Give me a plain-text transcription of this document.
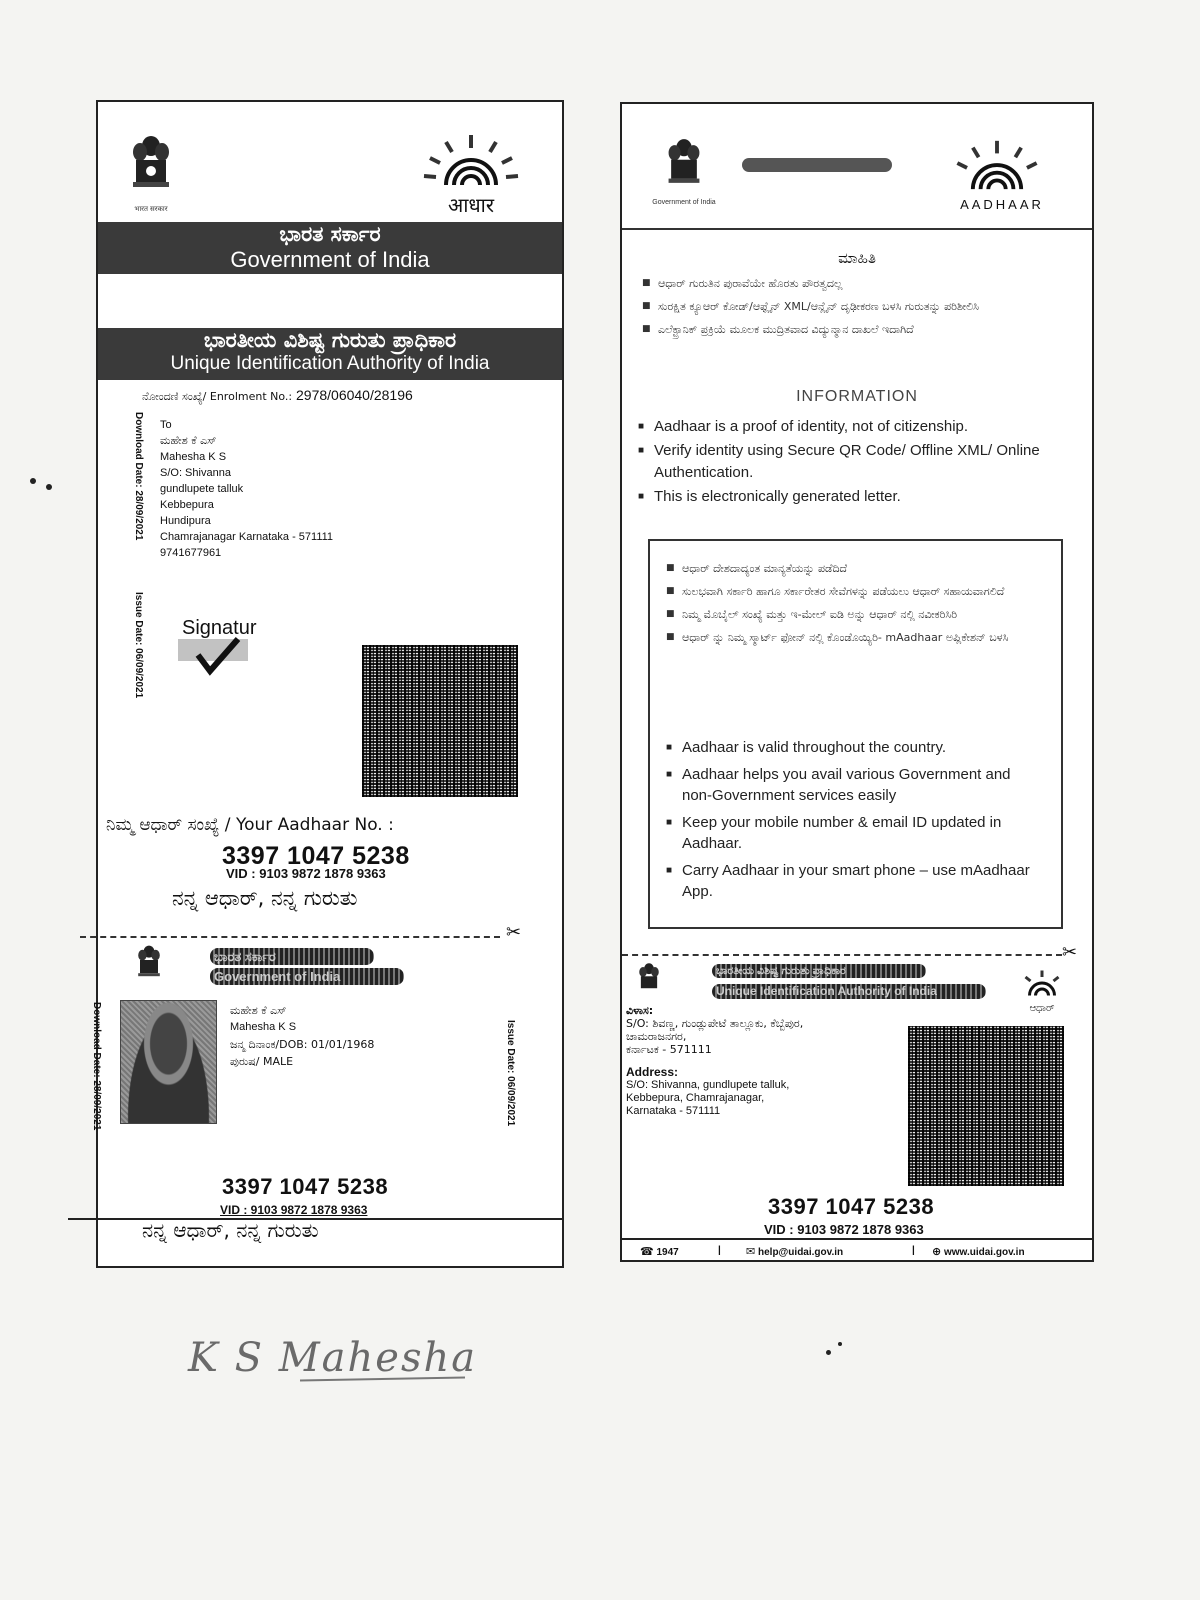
भारत सरकार	आधार
ಭಾರತ ಸರ್ಕಾರ
Government of India
ಭಾರತೀಯ ವಿಶಿಷ್ಟ ಗುರುತು ಪ್ರಾಧಿಕಾರ
Unique Identification Authority of India
ನೋಂದಣಿ ಸಂಖ್ಯೆ/ Enrolment No.: 2978/06040/28196
Download Date: 28/09/2021
Issue Date: 06/09/2021
To
ಮಹೇಶ ಕೆ ಎಸ್
Mahesha K S
S/O: Shivanna
gundlupete talluk
Kebbepura
Hundipura
Chamrajanagar Karnataka - 571111
9741677961
Signatur
ನಿಮ್ಮ ಆಧಾರ್ ಸಂಖ್ಯೆ / Your Aadhaar No. :
3397 1047 5238
VID : 9103 9872 1878 9363
ನನ್ನ ಆಧಾರ್, ನನ್ನ ಗುರುತು
✂
ಭಾರತ ಸರ್ಕಾರ
Government of India
Download Date: 28/09/2021	Issue Date: 06/09/2021
ಮಹೇಶ ಕೆ ಎಸ್
Mahesha K S
ಜನ್ಮ ದಿನಾಂಕ/DOB: 01/01/1968
ಪುರುಷ/ MALE
3397 1047 5238
VID : 9103 9872 1878 9363
ನನ್ನ ಆಧಾರ್, ನನ್ನ ಗುರುತು
Government of India	AADHAAR
ಮಾಹಿತಿ
■ ಆಧಾರ್ ಗುರುತಿನ ಪುರಾವೆಯೇ ಹೊರತು ಪೌರತ್ವದಲ್ಲ
■ ಸುರಕ್ಷಿತ ಕ್ಯೂಆರ್ ಕೋಡ್/ಆಫ್ಲೈನ್ XML/ಆನ್ಲೈನ್ ದೃಢೀಕರಣ ಬಳಸಿ ಗುರುತನ್ನು ಪರಿಶೀಲಿಸಿ
■ ಎಲೆಕ್ಟ್ರಾನಿಕ್ ಪ್ರಕ್ರಿಯೆ ಮೂಲಕ ಮುದ್ರಿತವಾದ ವಿದ್ಯುನ್ಮಾನ ದಾಖಲೆ ಇದಾಗಿದೆ
INFORMATION
■ Aadhaar is a proof of identity, not of citizenship.
■ Verify identity using Secure QR Code/ Offline XML/ Online Authentication.
■ This is electronically generated letter.
■ ಆಧಾರ್ ದೇಶದಾದ್ಯಂತ ಮಾನ್ಯತೆಯನ್ನು ಪಡೆದಿದೆ
■ ಸುಲಭವಾಗಿ ಸರ್ಕಾರಿ ಹಾಗೂ ಸರ್ಕಾರೇತರ ಸೇವೆಗಳನ್ನು ಪಡೆಯಲು ಆಧಾರ್ ಸಹಾಯವಾಗಲಿದೆ
■ ನಿಮ್ಮ ಮೊಬೈಲ್ ಸಂಖ್ಯೆ ಮತ್ತು ಇ-ಮೇಲ್ ಐಡಿ ಅನ್ನು ಆಧಾರ್ ನಲ್ಲಿ ನವೀಕರಿಸಿರಿ
■ ಆಧಾರ್ ನ್ನು ನಿಮ್ಮ ಸ್ಮಾರ್ಟ್ ಫೋನ್ ನಲ್ಲಿ ಕೊಂಡೊಯ್ಯಿರಿ- mAadhaar ಅಪ್ಲಿಕೇಶನ್ ಬಳಸಿ
■ Aadhaar is valid throughout the country.
■ Aadhaar helps you avail various Government and non-Government services easily
■ Keep your mobile number & email ID updated in Aadhaar.
■ Carry Aadhaar in your smart phone – use mAadhaar App.
✂
ಭಾರತೀಯ ವಿಶಿಷ್ಟ ಗುರುತು ಪ್ರಾಧಿಕಾರ
Unique Identification Authority of India
ಆಧಾರ್
ವಿಳಾಸ:
S/O: ಶಿವಣ್ಣ, ಗುಂಡ್ಲುಪೇಟೆ ತಾಲ್ಲೂಕು, ಕೆಬ್ಬೆಪುರ,
ಚಾಮರಾಜನಗರ,
ಕರ್ನಾಟಕ - 571111
Address:
S/O: Shivanna, gundlupete talluk,
Kebbepura, Chamrajanagar,
Karnataka - 571111
3397 1047 5238
VID : 9103 9872 1878 9363
☎ 1947	| ✉ help@uidai.gov.in	| ⊕ www.uidai.gov.in
K S Mahesha
